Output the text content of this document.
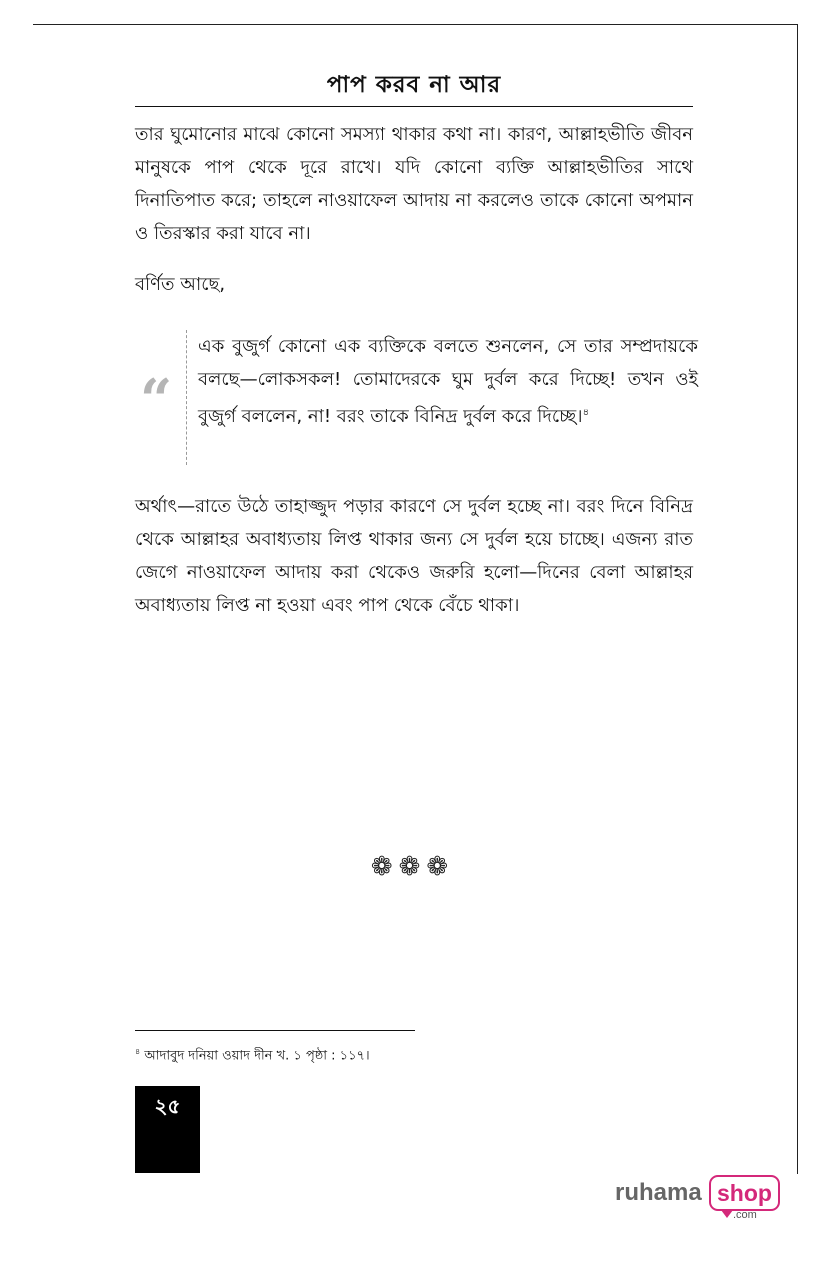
পাপ করব না আর

তার ঘুমোনোর মাঝে কোনো সমস্যা থাকার কথা না। কারণ, আল্লাহভীতি জীবন মানুষকে পাপ থেকে দূরে রাখে। যদি কোনো ব্যক্তি আল্লাহভীতির সাথে দিনাতিপাত করে; তাহলে নাওয়াফেল আদায় না করলেও তাকে কোনো অপমান ও তিরস্কার করা যাবে না।

বর্ণিত আছে,

“

এক বুজুর্গ কোনো এক ব্যক্তিকে বলতে শুনলেন, সে তার সম্প্রদায়কে বলছে—লোকসকল! তোমাদেরকে ঘুম দুর্বল করে দিচ্ছে! তখন ওই বুজুর্গ বললেন, না! বরং তাকে বিনিদ্র দুর্বল করে দিচ্ছে।$^৪$

অর্থাৎ—রাতে উঠে তাহাজ্জুদ পড়ার কারণে সে দুর্বল হচ্ছে না। বরং দিনে বিনিদ্র থেকে আল্লাহর অবাধ্যতায় লিপ্ত থাকার জন্য সে দুর্বল হয়ে চাচ্ছে। এজন্য রাত জেগে নাওয়াফেল আদায় করা থেকেও জরুরি হলো—দিনের বেলা আল্লাহর অবাধ্যতায় লিপ্ত না হওয়া এবং পাপ থেকে বেঁচে থাকা।

❁❁❁
$^৪$ আদাবুদ দনিয়া ওয়াদ দীন খ. ১ পৃষ্ঠা : ১১৭।
২৫
ruhama shop
.com
